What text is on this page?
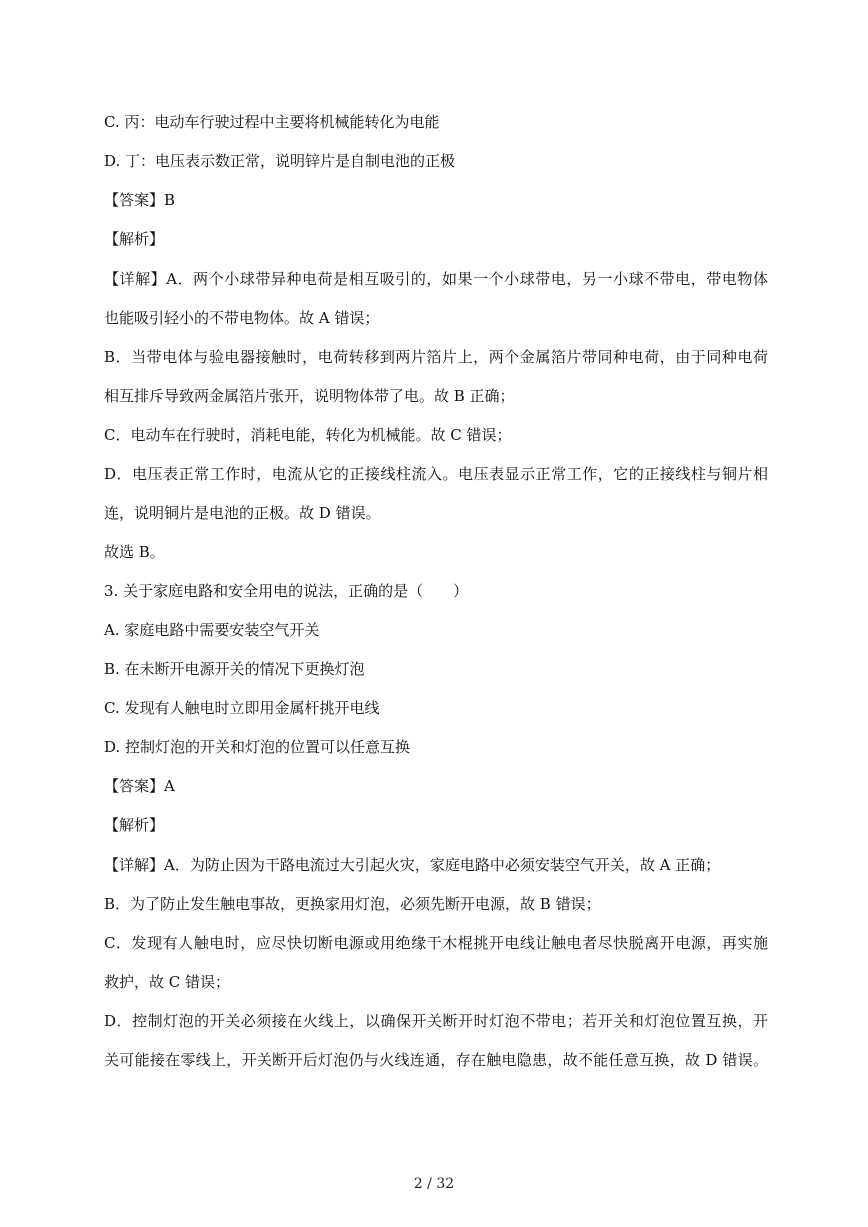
C. 丙：电动车行驶过程中主要将机械能转化为电能
D. 丁：电压表示数正常，说明锌片是自制电池的正极
【答案】B
【解析】
【详解】A．两个小球带异种电荷是相互吸引的，如果一个小球带电，另一小球不带电，带电物体
也能吸引轻小的不带电物体。故 A 错误；
B．当带电体与验电器接触时，电荷转移到两片箔片上，两个金属箔片带同种电荷，由于同种电荷
相互排斥导致两金属箔片张开，说明物体带了电。故 B 正确；
C．电动车在行驶时，消耗电能，转化为机械能。故 C 错误；
D．电压表正常工作时，电流从它的正接线柱流入。电压表显示正常工作，它的正接线柱与铜片相
连，说明铜片是电池的正极。故 D 错误。
故选 B。
3. 关于家庭电路和安全用电的说法，正确的是（　　）
A. 家庭电路中需要安装空气开关
B. 在未断开电源开关的情况下更换灯泡
C. 发现有人触电时立即用金属杆挑开电线
D. 控制灯泡的开关和灯泡的位置可以任意互换
【答案】A
【解析】
【详解】A．为防止因为干路电流过大引起火灾，家庭电路中必须安装空气开关，故 A 正确；
B．为了防止发生触电事故，更换家用灯泡，必须先断开电源，故 B 错误；
C．发现有人触电时，应尽快切断电源或用绝缘干木棍挑开电线让触电者尽快脱离开电源，再实施
救护，故 C 错误；
D．控制灯泡的开关必须接在火线上，以确保开关断开时灯泡不带电；若开关和灯泡位置互换，开
关可能接在零线上，开关断开后灯泡仍与火线连通，存在触电隐患，故不能任意互换，故 D 错误。
2 / 32
